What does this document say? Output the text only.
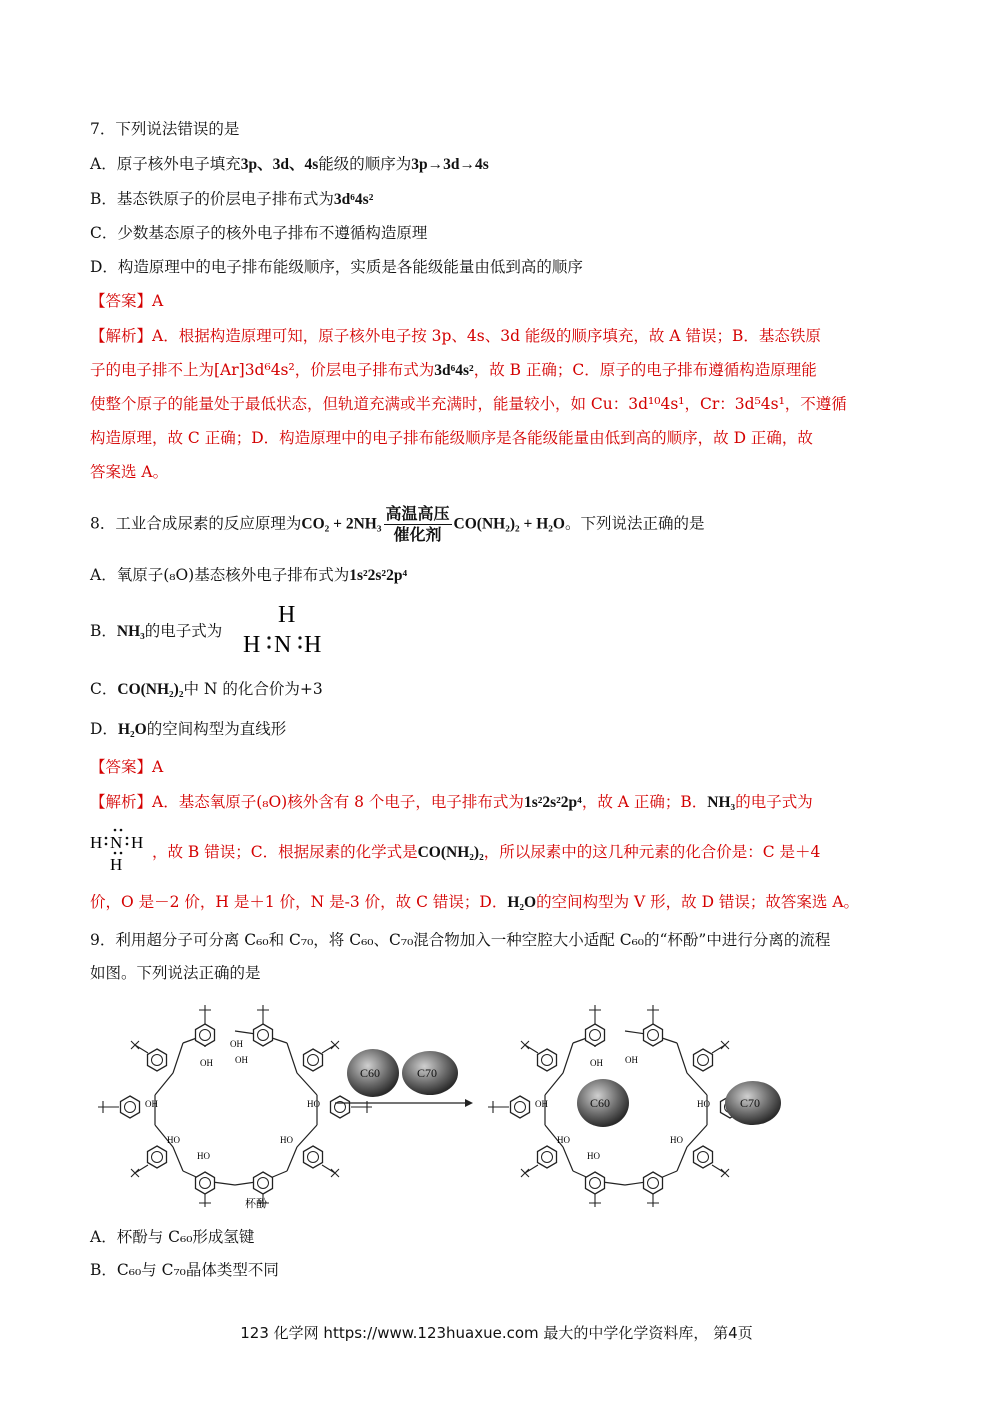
7．下列说法错误的是
A．原子核外电子填充3p、3d、4s能级的顺序为3p→3d→4s
B．基态铁原子的价层电子排布式为3d⁶4s²
C．少数基态原子的核外电子排布不遵循构造原理
D．构造原理中的电子排布能级顺序，实质是各能级能量由低到高的顺序
【答案】A
【解析】A．根据构造原理可知，原子核外电子按 3p、4s、3d 能级的顺序填充，故 A 错误；B．基态铁原
子的电子排不上为[Ar]3d⁶4s²，价层电子排布式为3d⁶4s²，故 B 正确；C．原子的电子排布遵循构造原理能
使整个原子的能量处于最低状态，但轨道充满或半充满时，能量较小，如 Cu：3d¹⁰4s¹，Cr：3d⁵4s¹，不遵循
构造原理，故 C 正确；D．构造原理中的电子排布能级顺序是各能级能量由低到高的顺序，故 D 正确，故
答案选 A。
8．工业合成尿素的反应原理为$CO_2 + 2NH_3 \frac{\text{高温高压}}{\text{催化剂}} CO(NH_2)_2 + H_2O$。下列说法正确的是
A．氧原子(₈O)基态核外电子排布式为1s²2s²2p⁴
B．NH₃的电子式为
H
H N H
C．CO(NH₂)₂中 N 的化合价为+3
D．H₂O的空间构型为直线形
【答案】A
【解析】A．基态氧原子(₈O)核外含有 8 个电子，电子排布式为1s²2s²2p⁴，故 A 正确；B．NH₃的电子式为
H N H
H
，故 B 错误；C．根据尿素的化学式是CO(NH₂)₂，所以尿素中的这几种元素的化合价是：C 是＋4
价，O 是－2 价，H 是＋1 价，N 是-3 价，故 C 错误；D．H₂O的空间构型为 V 形，故 D 错误；故答案选 A。
9．利用超分子可分离 C₆₀和 C₇₀，将 C₆₀、C₇₀混合物加入一种空腔大小适配 C₆₀的“杯酚”中进行分离的流程
如图。下列说法正确的是
OH OH
OH
OH	HO
HO	HO
HO
杯酚
C60	C70
OH OH
OH	HO
HO	HO
HO
C60	C70
A．杯酚与 C₆₀形成氢键
B．C₆₀与 C₇₀晶体类型不同
123 化学网 https://www.123huaxue.com 最大的中学化学资料库， 第4页
